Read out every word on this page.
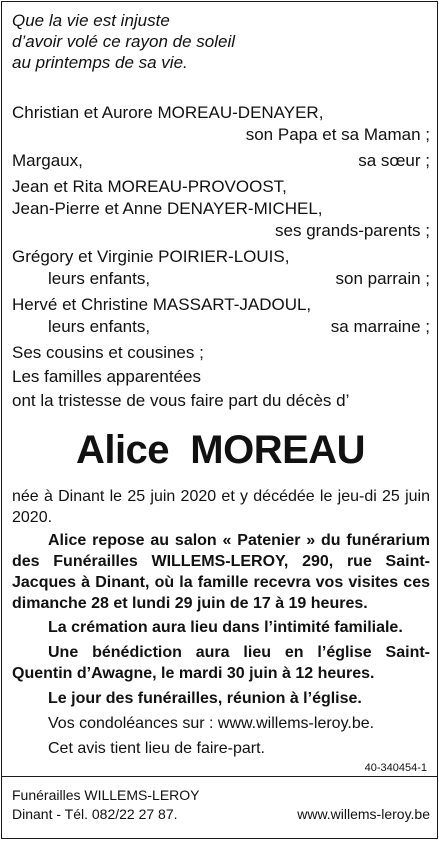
Que la vie est injuste
d’avoir volé ce rayon de soleil
au printemps de sa vie.
Christian et Aurore MOREAU-DENAYER,
son Papa et sa Maman ;
Margaux,	sa sœur ;
Jean et Rita MOREAU-PROVOOST,
Jean-Pierre et Anne DENAYER-MICHEL,
ses grands-parents ;
Grégory et Virginie POIRIER-LOUIS,
leurs enfants,	son parrain ;
Hervé et Christine MASSART-JADOUL,
leurs enfants,	sa marraine ;
Ses cousins et cousines ;
Les familles apparentées
ont la tristesse de vous faire part du décès d’
Alice  MOREAU
née à Dinant le 25 juin 2020 et y décédée le jeu-di 25 juin 2020.
Alice repose au salon « Patenier » du funérarium des Funérailles WILLEMS-LEROY, 290, rue Saint-Jacques à Dinant, où la famille recevra vos visites ces dimanche 28 et lundi 29 juin de 17 à 19 heures.
La crémation aura lieu dans l’intimité familiale.
Une bénédiction aura lieu en l’église Saint-Quentin d’Awagne, le mardi 30 juin à 12 heures.
Le jour des funérailles, réunion à l’église.
Vos condoléances sur : www.willems-leroy.be.
Cet avis tient lieu de faire-part.
40-340454-1
Funérailles WILLEMS-LEROY
Dinant - Tél. 082/22 27 87.	www.willems-leroy.be
